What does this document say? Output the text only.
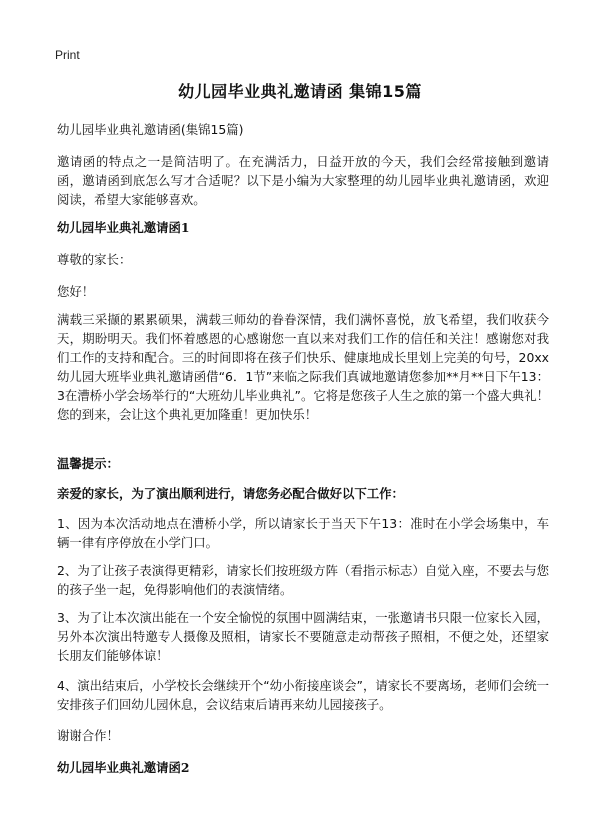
Print
幼儿园毕业典礼邀请函 集锦15篇
幼儿园毕业典礼邀请函(集锦15篇)
邀请函的特点之一是简洁明了。在充满活力，日益开放的今天，我们会经常接触到邀请函，邀请函到底怎么写才合适呢？以下是小编为大家整理的幼儿园毕业典礼邀请函，欢迎阅读，希望大家能够喜欢。
幼儿园毕业典礼邀请函1
尊敬的家长：
您好！
满载三采撷的累累硕果，满载三师幼的眷眷深情，我们满怀喜悦，放飞希望，我们收获今天，期盼明天。我们怀着感恩的心感谢您一直以来对我们工作的信任和关注！感谢您对我们工作的支持和配合。三的时间即将在孩子们快乐、健康地成长里划上完美的句号，20xx幼儿园大班毕业典礼邀请函借“6．1节”来临之际我们真诚地邀请您参加**月**日下午13：3在漕桥小学会场举行的“大班幼儿毕业典礼”。它将是您孩子人生之旅的第一个盛大典礼！您的到来，会让这个典礼更加隆重！更加快乐！
温馨提示：
亲爱的家长，为了演出顺利进行，请您务必配合做好以下工作：
1、因为本次活动地点在漕桥小学，所以请家长于当天下午13：准时在小学会场集中，车辆一律有序停放在小学门口。
2、为了让孩子表演得更精彩，请家长们按班级方阵（看指示标志）自觉入座，不要去与您的孩子坐一起，免得影响他们的表演情绪。
3、为了让本次演出能在一个安全愉悦的氛围中圆满结束，一张邀请书只限一位家长入园，另外本次演出特邀专人摄像及照相，请家长不要随意走动帮孩子照相，不便之处，还望家长朋友们能够体谅！
4、演出结束后，小学校长会继续开个“幼小衔接座谈会”，请家长不要离场，老师们会统一安排孩子们回幼儿园休息，会议结束后请再来幼儿园接孩子。
谢谢合作！
幼儿园毕业典礼邀请函2
